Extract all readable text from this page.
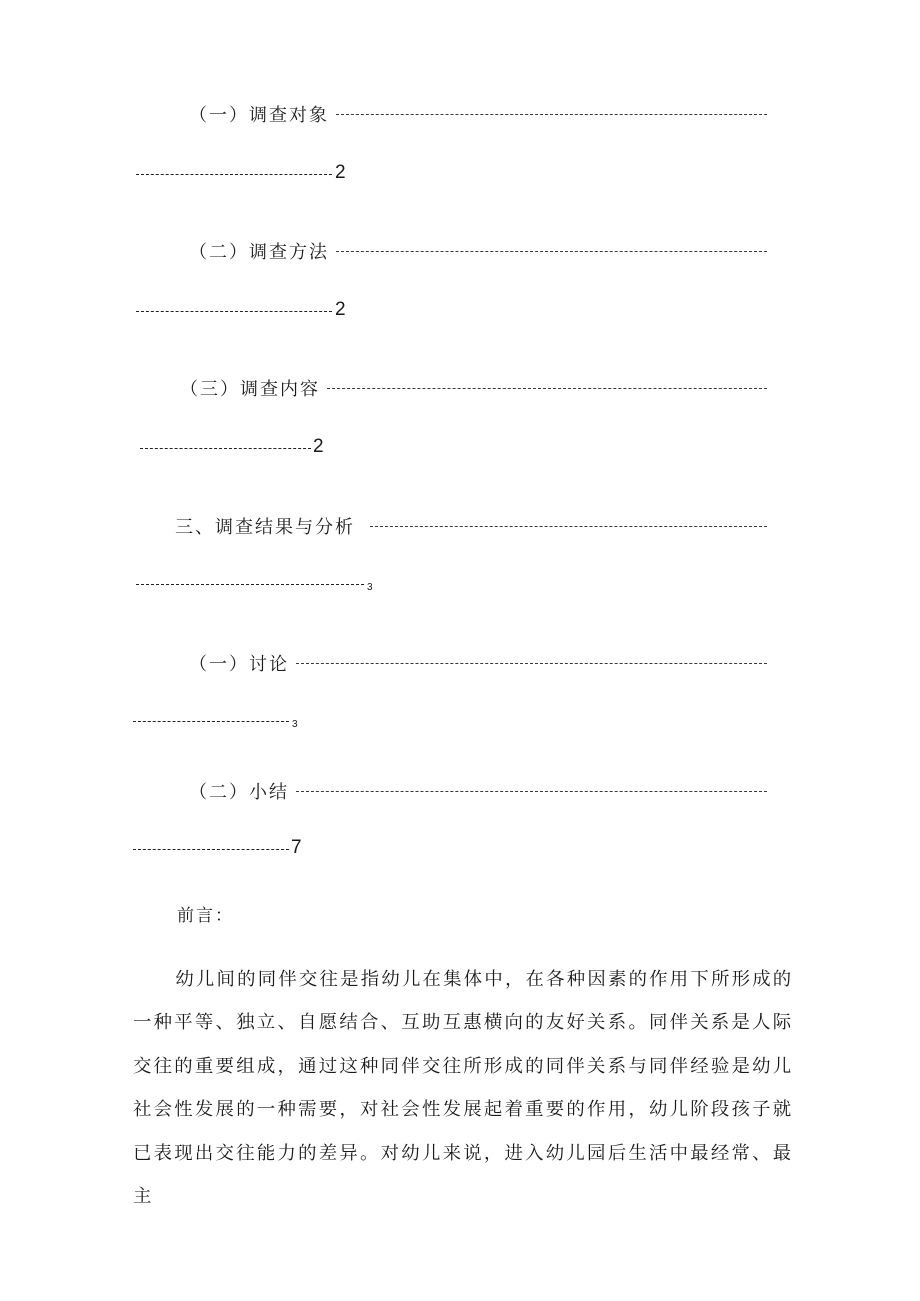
（一）调查对象
2
（二）调查方法
2
（三）调查内容
2
三、调查结果与分析
3
（一）讨论
3
（二）小结
7
前言：
幼儿间的同伴交往是指幼儿在集体中，在各种因素的作用下所形成的一种平等、独立、自愿结合、互助互惠横向的友好关系。同伴关系是人际交往的重要组成，通过这种同伴交往所形成的同伴关系与同伴经验是幼儿社会性发展的一种需要，对社会性发展起着重要的作用，幼儿阶段孩子就已表现出交往能力的差异。对幼儿来说，进入幼儿园后生活中最经常、最主
